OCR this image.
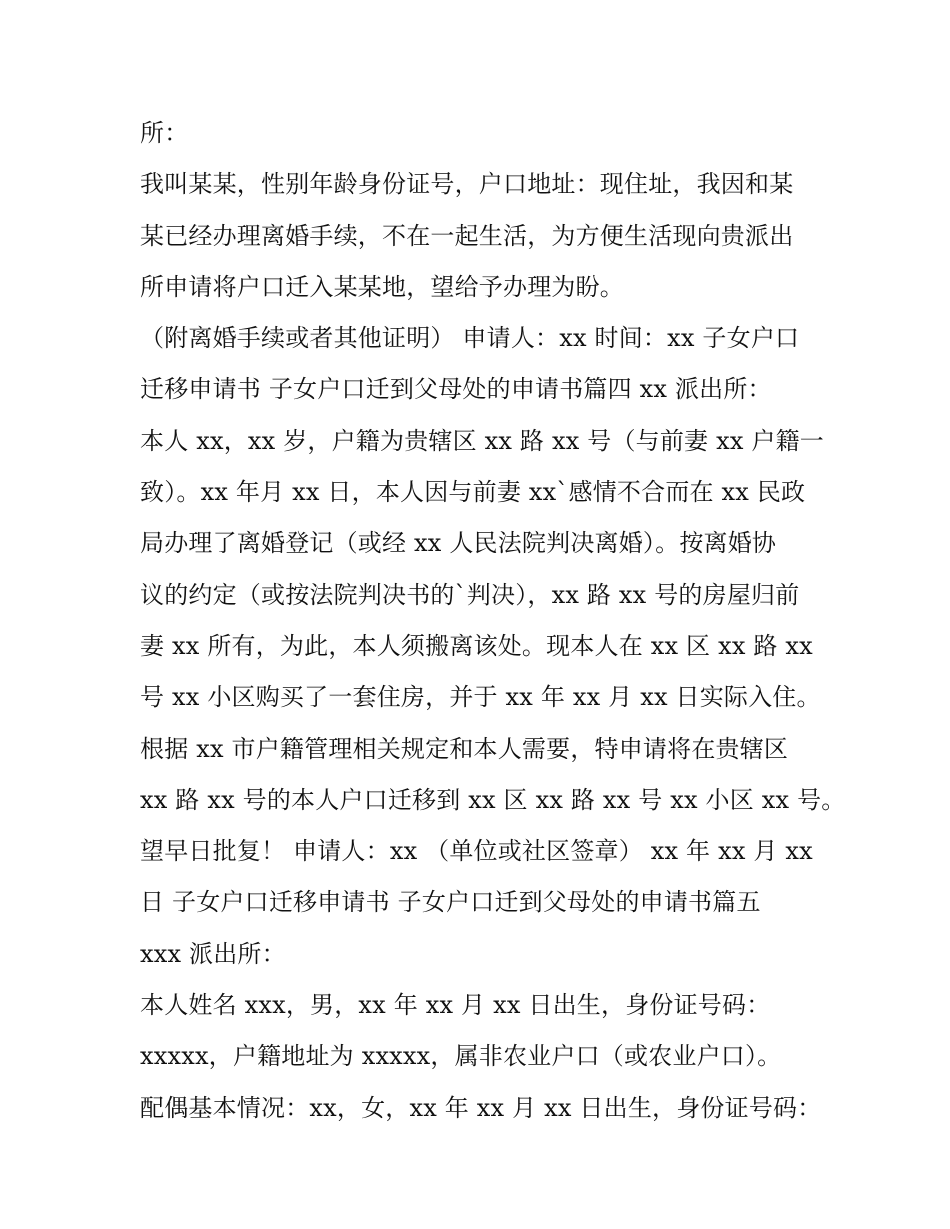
所：
我叫某某，性别年龄身份证号，户口地址：现住址，我因和某
某已经办理离婚手续，不在一起生活，为方便生活现向贵派出
所申请将户口迁入某某地，望给予办理为盼。
（附离婚手续或者其他证明） 申请人：xx 时间：xx 子女户口
迁移申请书 子女户口迁到父母处的申请书篇四 xx 派出所：
本人 xx，xx 岁，户籍为贵辖区 xx 路 xx 号（与前妻 xx 户籍一
致）。xx 年月 xx 日，本人因与前妻 xx`感情不合而在 xx 民政
局办理了离婚登记（或经 xx 人民法院判决离婚）。按离婚协
议的约定（或按法院判决书的`判决），xx 路 xx 号的房屋归前
妻 xx 所有，为此，本人须搬离该处。现本人在 xx 区 xx 路 xx
号 xx 小区购买了一套住房，并于 xx 年 xx 月 xx 日实际入住。
根据 xx 市户籍管理相关规定和本人需要，特申请将在贵辖区
xx 路 xx 号的本人户口迁移到 xx 区 xx 路 xx 号 xx 小区 xx 号。
望早日批复！ 申请人：xx （单位或社区签章） xx 年 xx 月 xx
日 子女户口迁移申请书 子女户口迁到父母处的申请书篇五
xxx 派出所：
本人姓名 xxx，男，xx 年 xx 月 xx 日出生，身份证号码：
xxxxx，户籍地址为 xxxxx，属非农业户口（或农业户口）。
配偶基本情况：xx，女，xx 年 xx 月 xx 日出生，身份证号码：
